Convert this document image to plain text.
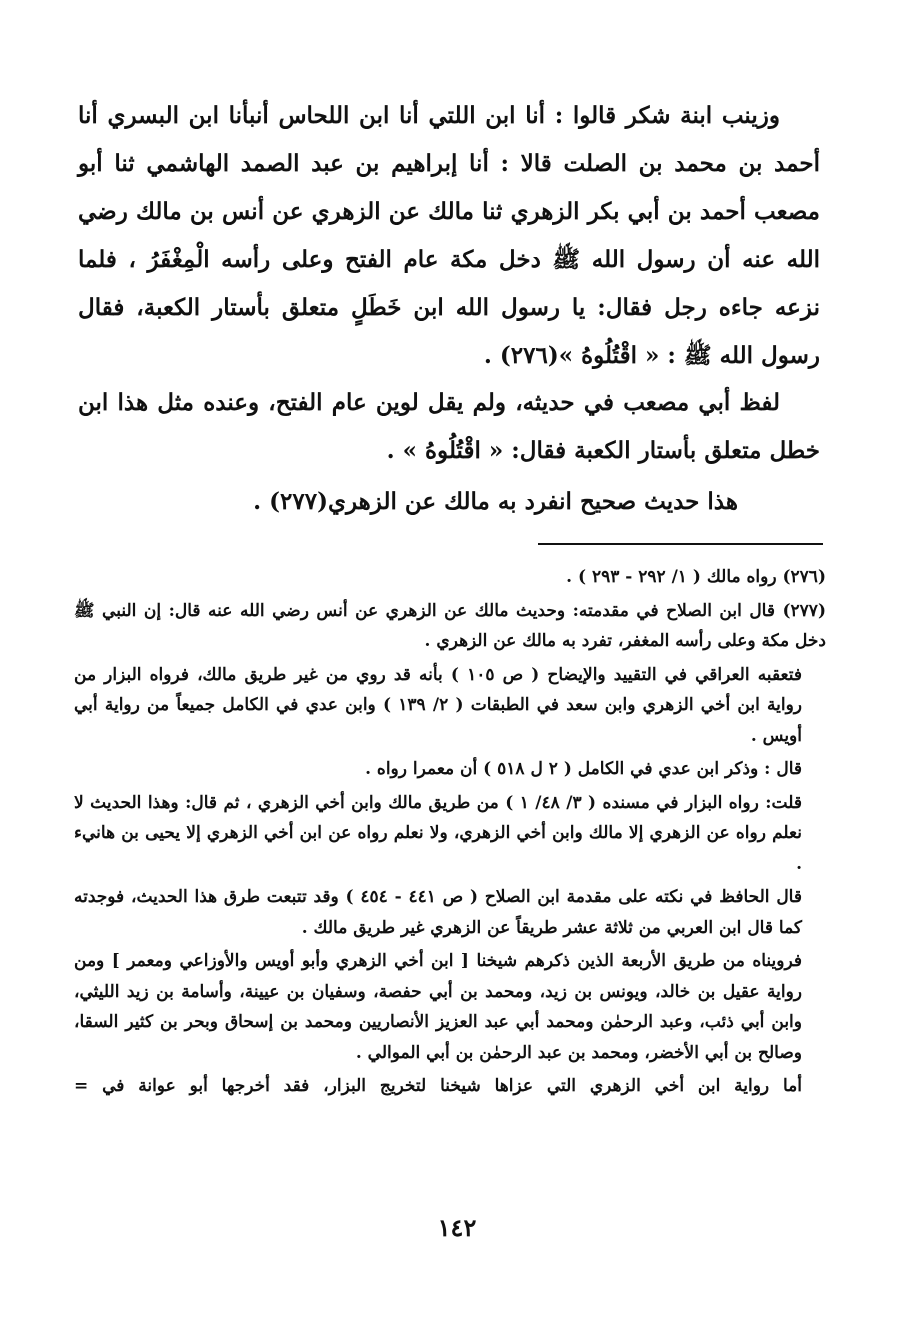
وزينب ابنة شكر قالوا : أنا ابن اللتي أنا ابن اللحاس أنبأنا ابن البسري أنا أحمد بن محمد بن الصلت قالا : أنا إبراهيم بن عبد الصمد الهاشمي ثنا أبو مصعب أحمد بن أبي بكر الزهري ثنا مالك عن الزهري عن أنس بن مالك رضي الله عنه أن رسول الله ﷺ دخل مكة عام الفتح وعلى رأسه الْمِغْفَرُ ، فلما نزعه جاءه رجل فقال: يا رسول الله ابن خَطَلٍ متعلق بأستار الكعبة، فقال رسول الله ﷺ : « اقْتُلُوهُ »(٢٧٦) .

لفظ أبي مصعب في حديثه، ولم يقل لوين عام الفتح، وعنده مثل هذا ابن خطل متعلق بأستار الكعبة فقال: « اقْتُلُوهُ » .

هذا حديث صحيح انفرد به مالك عن الزهري(٢٧٧) .

(٢٧٦) رواه مالك ( ١/ ٢٩٢ - ٢٩٣ ) .

(٢٧٧) قال ابن الصلاح في مقدمته: وحديث مالك عن الزهري عن أنس رضي الله عنه قال: إن النبي ﷺ دخل مكة وعلى رأسه المغفر، تفرد به مالك عن الزهري .

فتعقبه العراقي في التقييد والإيضاح ( ص ١٠٥ ) بأنه قد روي من غير طريق مالك، فرواه البزار من رواية ابن أخي الزهري وابن سعد في الطبقات ( ٢/ ١٣٩ ) وابن عدي في الكامل جميعاً من رواية أبي أويس .

قال : وذكر ابن عدي في الكامل ( ٢ ل ٥١٨ ) أن معمرا رواه .

قلت: رواه البزار في مسنده ( ٣/ ٤٨/ ١ ) من طريق مالك وابن أخي الزهري ، ثم قال: وهذا الحديث لا نعلم رواه عن الزهري إلا مالك وابن أخي الزهري، ولا نعلم رواه عن ابن أخي الزهري إلا يحيى بن هانيء .

قال الحافظ في نكته على مقدمة ابن الصلاح ( ص ٤٤١ - ٤٥٤ ) وقد تتبعت طرق هذا الحديث، فوجدته كما قال ابن العربي من ثلاثة عشر طريقاً عن الزهري غير طريق مالك .

فرويناه من طريق الأربعة الذين ذكرهم شيخنا [ ابن أخي الزهري وأبو أويس والأوزاعي ومعمر ] ومن رواية عقيل بن خالد، ويونس بن زيد، ومحمد بن أبي حفصة، وسفيان بن عيينة، وأسامة بن زيد الليثي، وابن أبي ذئب، وعبد الرحمٰن ومحمد أبي عبد العزيز الأنصاريين ومحمد بن إسحاق وبحر بن كثير السقا، وصالح بن أبي الأخضر، ومحمد بن عبد الرحمٰن بن أبي الموالي .

أما رواية ابن أخي الزهري التي عزاها شيخنا لتخريج البزار، فقد أخرجها أبو عوانة في =

١٤٢
